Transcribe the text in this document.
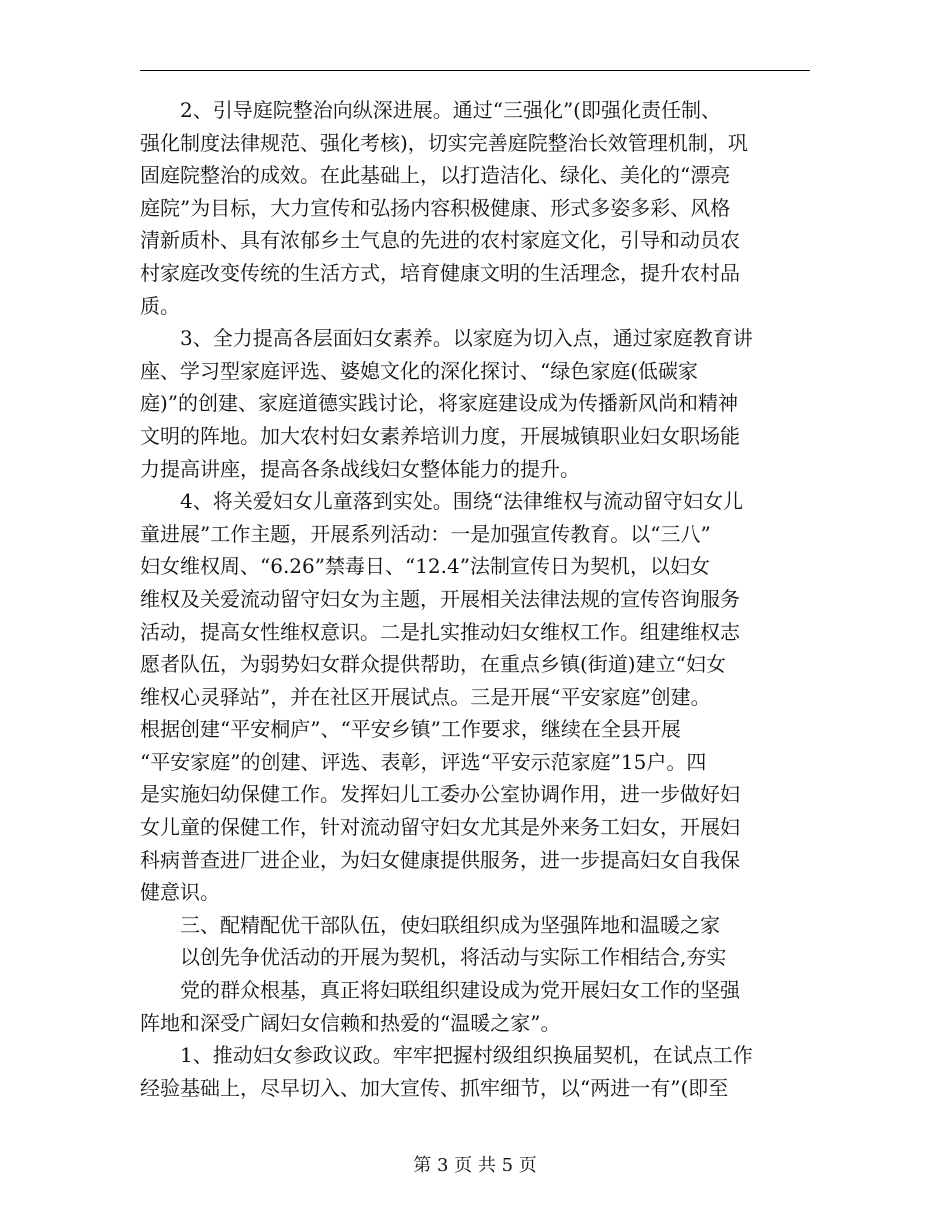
　　2、引导庭院整治向纵深进展。通过“三强化”(即强化责任制、
强化制度法律规范、强化考核)，切实完善庭院整治长效管理机制，巩
固庭院整治的成效。在此基础上，以打造洁化、绿化、美化的“漂亮
庭院”为目标，大力宣传和弘扬内容积极健康、形式多姿多彩、风格
清新质朴、具有浓郁乡土气息的先进的农村家庭文化，引导和动员农
村家庭改变传统的生活方式，培育健康文明的生活理念，提升农村品
质。
　　3、全力提高各层面妇女素养。以家庭为切入点，通过家庭教育讲
座、学习型家庭评选、婆媳文化的深化探讨、“绿色家庭(低碳家
庭)”的创建、家庭道德实践讨论，将家庭建设成为传播新风尚和精神
文明的阵地。加大农村妇女素养培训力度，开展城镇职业妇女职场能
力提高讲座，提高各条战线妇女整体能力的提升。
　　4、将关爱妇女儿童落到实处。围绕“法律维权与流动留守妇女儿
童进展”工作主题，开展系列活动：一是加强宣传教育。以“三八”
妇女维权周、“6.26”禁毒日、“12.4”法制宣传日为契机，以妇女
维权及关爱流动留守妇女为主题，开展相关法律法规的宣传咨询服务
活动，提高女性维权意识。二是扎实推动妇女维权工作。组建维权志
愿者队伍，为弱势妇女群众提供帮助，在重点乡镇(街道)建立“妇女
维权心灵驿站”，并在社区开展试点。三是开展“平安家庭”创建。
根据创建“平安桐庐”、“平安乡镇”工作要求，继续在全县开展
“平安家庭”的创建、评选、表彰，评选“平安示范家庭”15户。四
是实施妇幼保健工作。发挥妇儿工委办公室协调作用，进一步做好妇
女儿童的保健工作，针对流动留守妇女尤其是外来务工妇女，开展妇
科病普查进厂进企业，为妇女健康提供服务，进一步提高妇女自我保
健意识。
　　三、配精配优干部队伍，使妇联组织成为坚强阵地和温暖之家
　　以创先争优活动的开展为契机，将活动与实际工作相结合,夯实
　　党的群众根基，真正将妇联组织建设成为党开展妇女工作的坚强
阵地和深受广阔妇女信赖和热爱的“温暖之家”。
　　1、推动妇女参政议政。牢牢把握村级组织换届契机，在试点工作
经验基础上，尽早切入、加大宣传、抓牢细节，以“两进一有”(即至
第 3 页 共 5 页
